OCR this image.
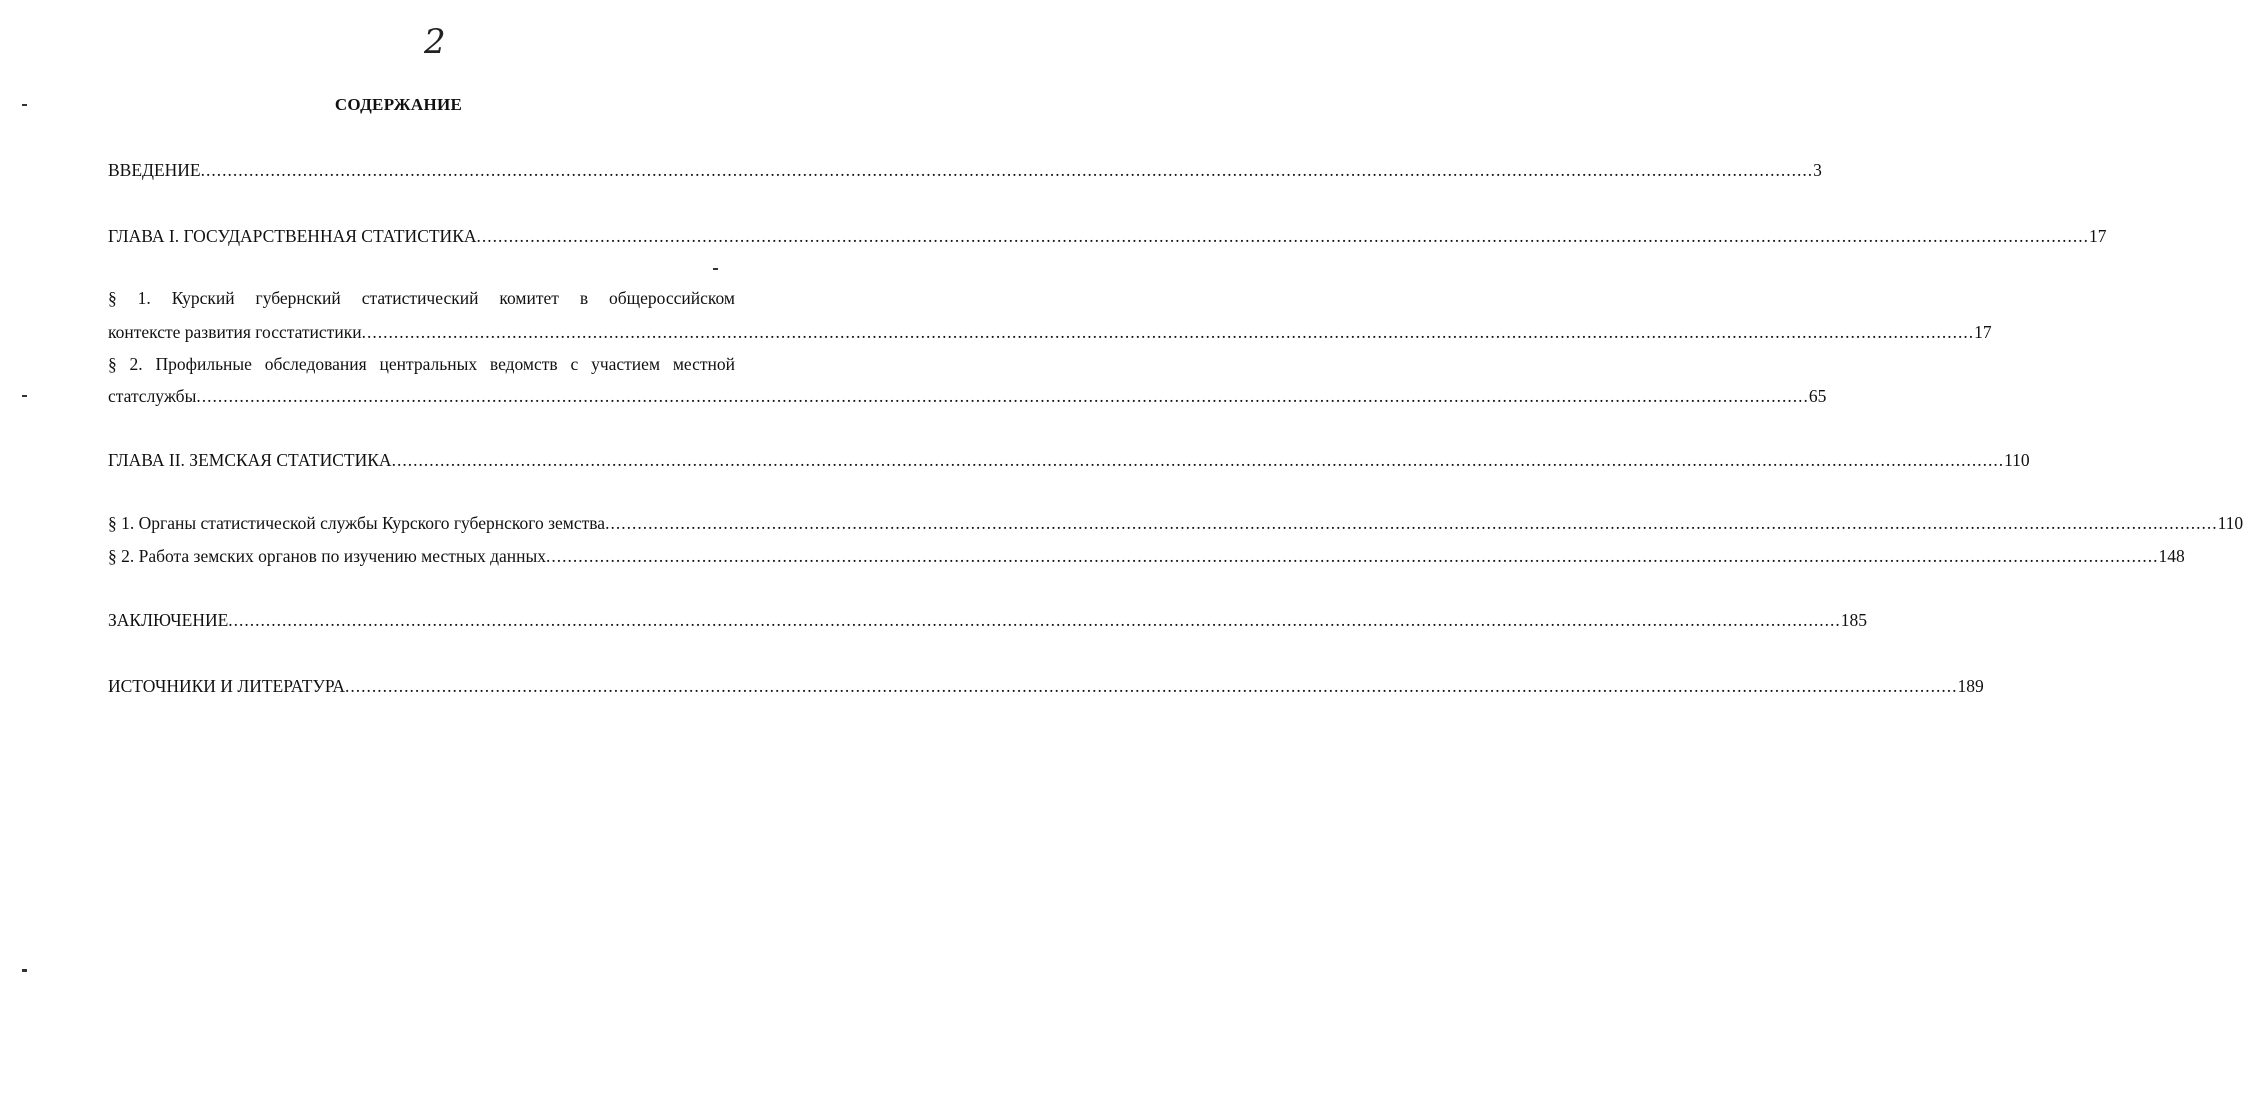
2
СОДЕРЖАНИЕ
ВВЕДЕНИЕ ............................................................................................................................................................................................................................................................................................................ 3
ГЛАВА I. ГОСУДАРСТВЕННАЯ СТАТИСТИКА ............................................................................................................................................................................................................................................................................................................ 17
§ 1. Курский губернский статистический комитет в общероссийском
контексте развития госстатистики ............................................................................................................................................................................................................................................................................................................ 17
§ 2. Профильные обследования центральных ведомств с участием местной
статслужбы ............................................................................................................................................................................................................................................................................................................ 65
ГЛАВА II. ЗЕМСКАЯ СТАТИСТИКА ............................................................................................................................................................................................................................................................................................................ 110
§ 1. Органы статистической службы Курского губернского земства ............................................................................................................................................................................................................................................................................................................ 110
§ 2. Работа земских органов по изучению местных данных ............................................................................................................................................................................................................................................................................................................ 148
ЗАКЛЮЧЕНИЕ ............................................................................................................................................................................................................................................................................................................ 185
ИСТОЧНИКИ И ЛИТЕРАТУРА ............................................................................................................................................................................................................................................................................................................ 189
